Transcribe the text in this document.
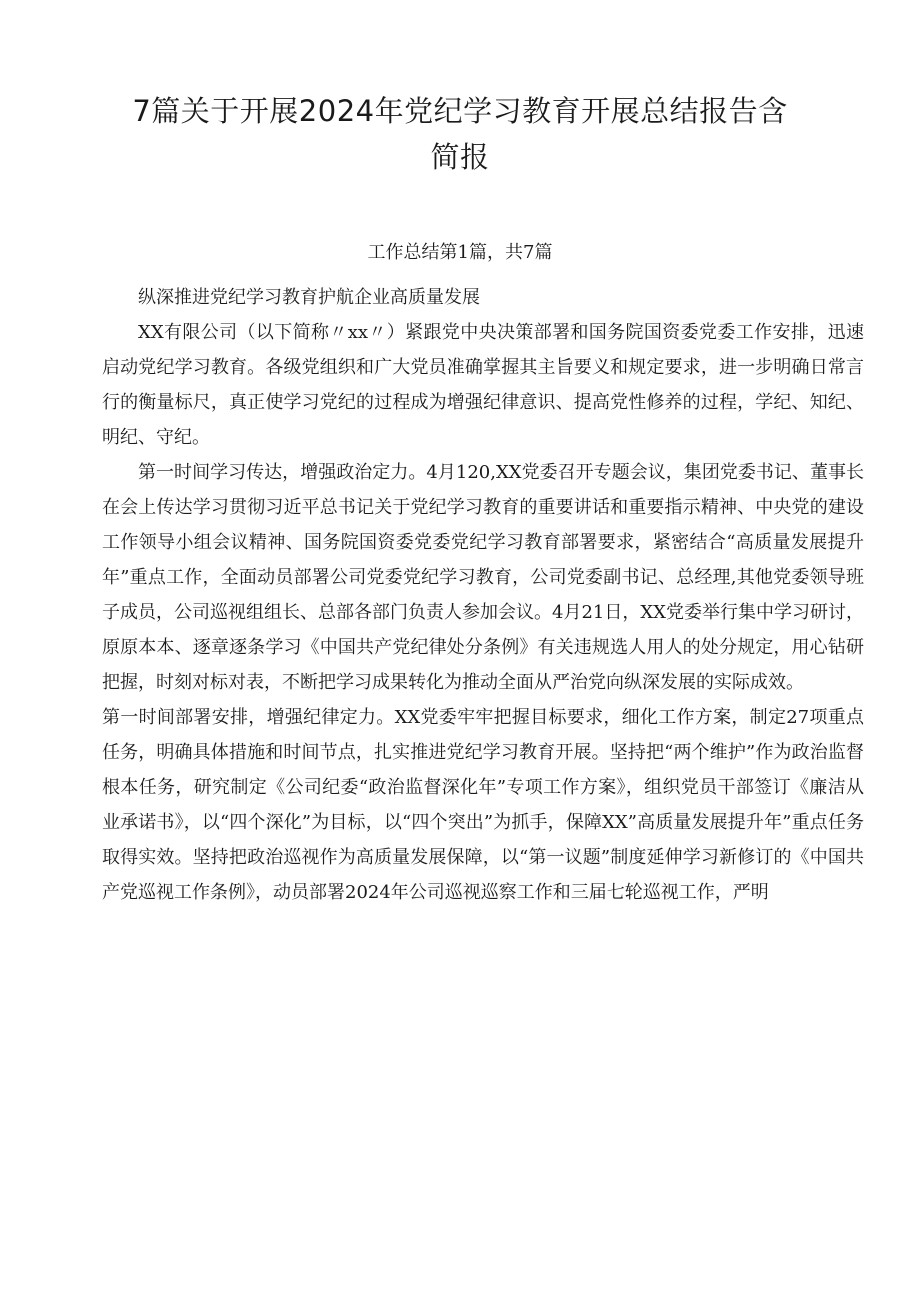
7篇关于开展2024年党纪学习教育开展总结报告含简报

工作总结第1篇，共7篇

纵深推进党纪学习教育护航企业高质量发展

XX有限公司（以下简称〃xx〃）紧跟党中央决策部署和国务院国资委党委工作安排，迅速启动党纪学习教育。各级党组织和广大党员准确掌握其主旨要义和规定要求，进一步明确日常言行的衡量标尺，真正使学习党纪的过程成为增强纪律意识、提高党性修养的过程，学纪、知纪、明纪、守纪。

第一时间学习传达，增强政治定力。4月120,XX党委召开专题会议，集团党委书记、董事长在会上传达学习贯彻习近平总书记关于党纪学习教育的重要讲话和重要指示精神、中央党的建设工作领导小组会议精神、国务院国资委党委党纪学习教育部署要求，紧密结合“高质量发展提升年”重点工作，全面动员部署公司党委党纪学习教育，公司党委副书记、总经理,其他党委领导班子成员，公司巡视组组长、总部各部门负责人参加会议。4月21日，XX党委举行集中学习研讨，原原本本、逐章逐条学习《中国共产党纪律处分条例》有关违规选人用人的处分规定，用心钻研把握，时刻对标对表，不断把学习成果转化为推动全面从严治党向纵深发展的实际成效。

第一时间部署安排，增强纪律定力。XX党委牢牢把握目标要求，细化工作方案，制定27项重点任务，明确具体措施和时间节点，扎实推进党纪学习教育开展。坚持把“两个维护”作为政治监督根本任务，研究制定《公司纪委“政治监督深化年”专项工作方案》，组织党员干部签订《廉洁从业承诺书》，以“四个深化”为目标，以“四个突出”为抓手，保障XX”高质量发展提升年”重点任务取得实效。坚持把政治巡视作为高质量发展保障，以“第一议题”制度延伸学习新修订的《中国共产党巡视工作条例》，动员部署2024年公司巡视巡察工作和三届七轮巡视工作，严明
